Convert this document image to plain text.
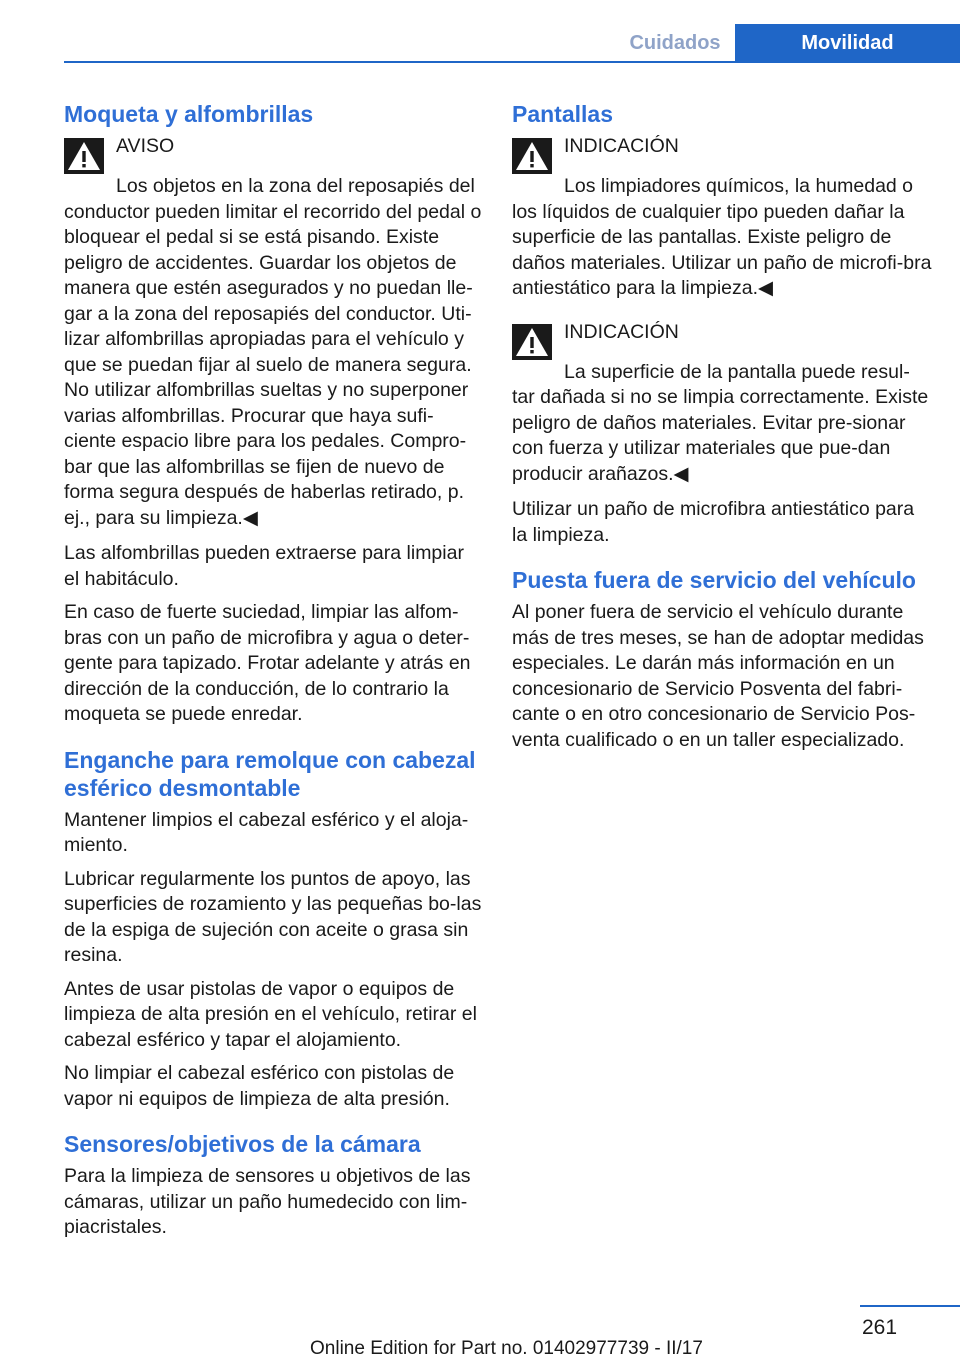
Cuidados	Movilidad
Moqueta y alfombrillas
AVISO
Los objetos en la zona del reposapiés del
conductor pueden limitar el recorrido del pedal o bloquear el pedal si se está pisando. Existe peligro de accidentes. Guardar los objetos de manera que estén asegurados y no puedan lle‐gar a la zona del reposapiés del conductor. Uti‐lizar alfombrillas apropiadas para el vehículo y que se puedan fijar al suelo de manera segura. No utilizar alfombrillas sueltas y no superponer varias alfombrillas. Procurar que haya sufi‐ciente espacio libre para los pedales. Compro‐bar que las alfombrillas se fijen de nuevo de forma segura después de haberlas retirado, p. ej., para su limpieza.◀

Las alfombrillas pueden extraerse para limpiar el habitáculo.

En caso de fuerte suciedad, limpiar las alfom‐bras con un paño de microfibra y agua o deter‐gente para tapizado. Frotar adelante y atrás en dirección de la conducción, de lo contrario la moqueta se puede enredar.

Enganche para remolque con cabezal esférico desmontable

Mantener limpios el cabezal esférico y el aloja‐miento.

Lubricar regularmente los puntos de apoyo, las superficies de rozamiento y las pequeñas bo‐las de la espiga de sujeción con aceite o grasa sin resina.

Antes de usar pistolas de vapor o equipos de limpieza de alta presión en el vehículo, retirar el cabezal esférico y tapar el alojamiento.

No limpiar el cabezal esférico con pistolas de vapor ni equipos de limpieza de alta presión.

Sensores/objetivos de la cámara

Para la limpieza de sensores u objetivos de las cámaras, utilizar un paño humedecido con lim‐piacristales.

Pantallas
INDICACIÓN
Los limpiadores químicos, la humedad o
los líquidos de cualquier tipo pueden dañar la superficie de las pantallas. Existe peligro de daños materiales. Utilizar un paño de microfi‐bra antiestático para la limpieza.◀
INDICACIÓN
La superficie de la pantalla puede resul‐
tar dañada si no se limpia correctamente. Existe peligro de daños materiales. Evitar pre‐sionar con fuerza y utilizar materiales que pue‐dan producir arañazos.◀

Utilizar un paño de microfibra antiestático para la limpieza.

Puesta fuera de servicio del vehículo

Al poner fuera de servicio el vehículo durante más de tres meses, se han de adoptar medidas especiales. Le darán más información en un concesionario de Servicio Posventa del fabri‐cante o en otro concesionario de Servicio Pos‐venta cualificado o en un taller especializado.

261
Online Edition for Part no. 01402977739 - II/17
